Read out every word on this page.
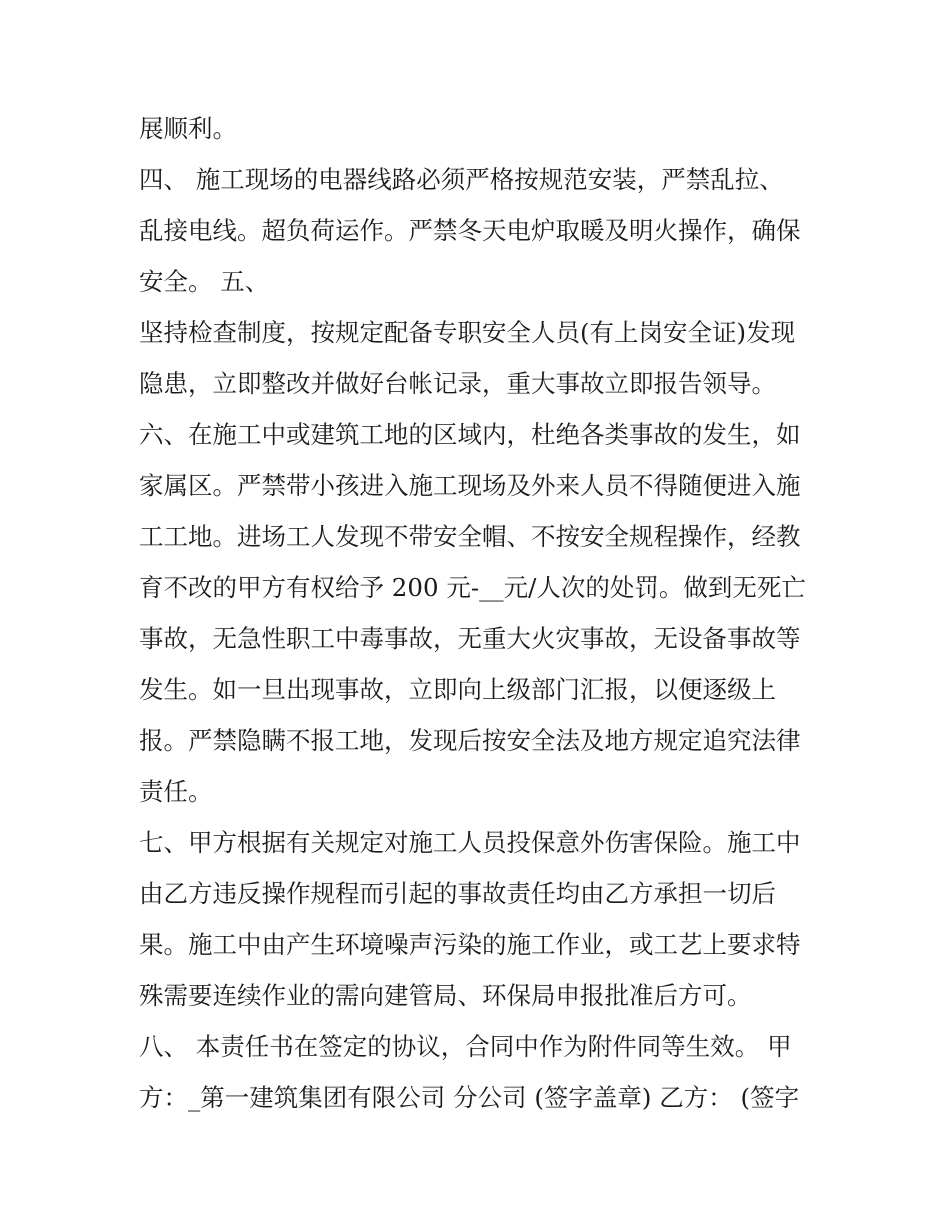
展顺利。
四、 施工现场的电器线路必须严格按规范安装，严禁乱拉、
乱接电线。超负荷运作。严禁冬天电炉取暖及明火操作，确保
安全。 五、
坚持检查制度，按规定配备专职安全人员(有上岗安全证)发现
隐患，立即整改并做好台帐记录，重大事故立即报告领导。
六、在施工中或建筑工地的区域内，杜绝各类事故的发生，如
家属区。严禁带小孩进入施工现场及外来人员不得随便进入施
工工地。进场工人发现不带安全帽、不按安全规程操作，经教
育不改的甲方有权给予 200 元-__元/人次的处罚。做到无死亡
事故，无急性职工中毒事故，无重大火灾事故，无设备事故等
发生。如一旦出现事故，立即向上级部门汇报，以便逐级上
报。严禁隐瞒不报工地，发现后按安全法及地方规定追究法律
责任。
七、甲方根据有关规定对施工人员投保意外伤害保险。施工中
由乙方违反操作规程而引起的事故责任均由乙方承担一切后
果。施工中由产生环境噪声污染的施工作业，或工艺上要求特
殊需要连续作业的需向建管局、环保局申报批准后方可。
八、 本责任书在签定的协议，合同中作为附件同等生效。 甲
方：_第一建筑集团有限公司 分公司 (签字盖章) 乙方： (签字
